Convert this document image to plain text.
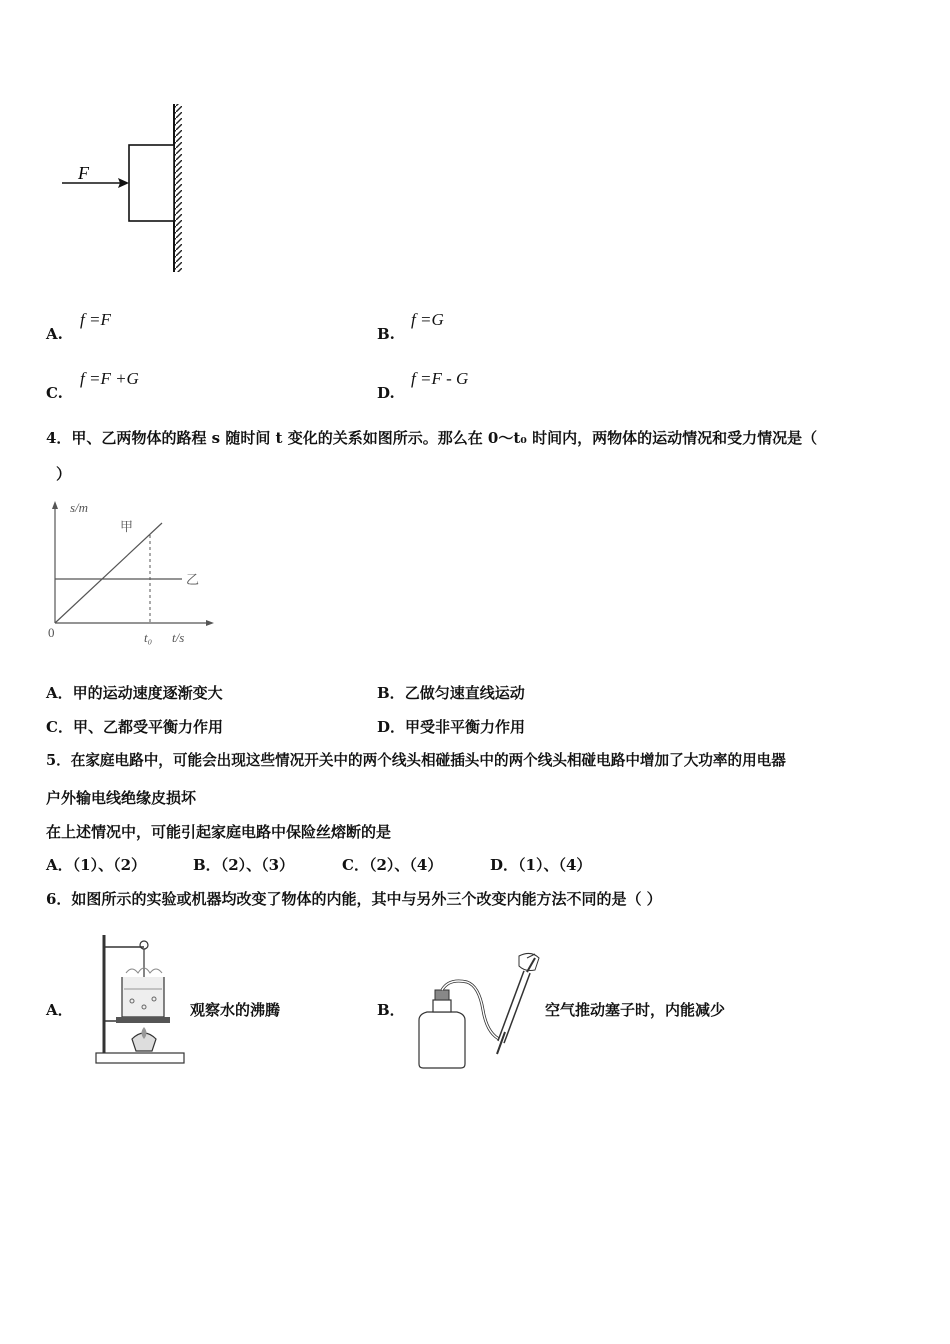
F
A.
f =F
B.
f =G
C.
f =F +G
D.
f =F - G
4．甲、乙两物体的路程 s 随时间 t 变化的关系如图所示。那么在 0～t₀ 时间内，两物体的运动情况和受力情况是（
）
s/m
t/s
0	t₀
甲
乙
A．甲的运动速度逐渐变大	B．乙做匀速直线运动
C．甲、乙都受平衡力作用	D．甲受非平衡力作用
5．在家庭电路中，可能会出现这些情况开关中的两个线头相碰插头中的两个线头相碰电路中增加了大功率的用电器
户外输电线绝缘皮损坏
在上述情况中，可能引起家庭电路中保险丝熔断的是
A．（1）、（2）	B．（2）、（3）	C．（2）、（4）	D．（1）、（4）
6．如图所示的实验或机器均改变了物体的内能，其中与另外三个改变内能方法不同的是（ ）
A．	观察水的沸腾	B．	空气推动塞子时，内能减少
